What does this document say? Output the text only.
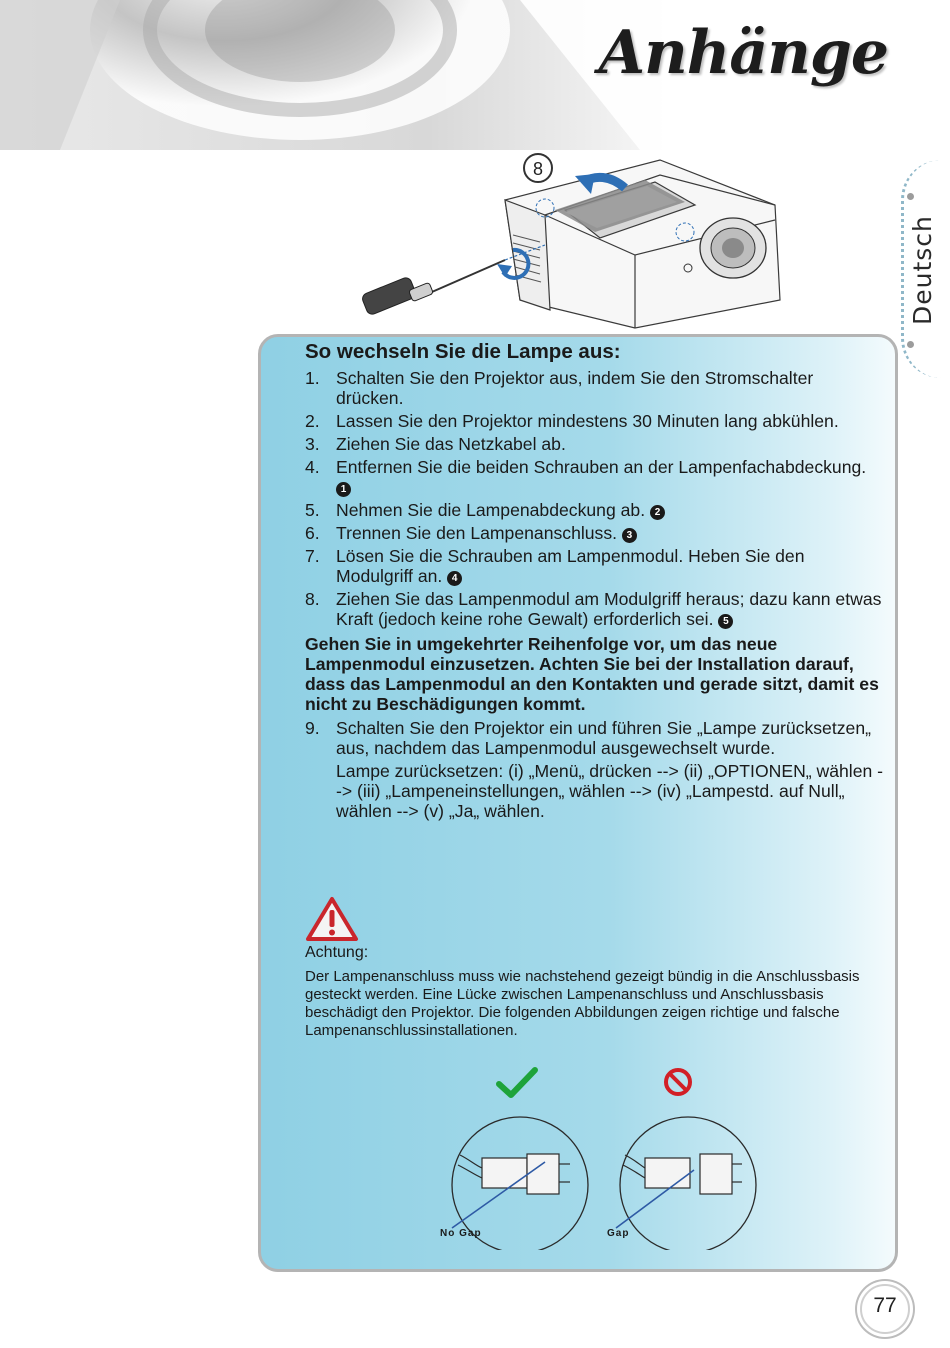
Anhänge
Deutsch
8
So wechseln Sie die Lampe aus:
1. Schalten Sie den Projektor aus, indem Sie den Stromschalter drücken.
2. Lassen Sie den Projektor mindestens 30 Minuten lang abkühlen.
3. Ziehen Sie das Netzkabel ab.
4. Entfernen Sie die beiden Schrauben an der Lampenfachabdeckung. 1
5. Nehmen Sie die Lampenabdeckung ab. 2
6. Trennen Sie den Lampenanschluss. 3
7. Lösen Sie die Schrauben am Lampenmodul. Heben Sie den Modulgriff an. 4
8. Ziehen Sie das Lampenmodul am Modulgriff heraus; dazu kann etwas Kraft (jedoch keine rohe Gewalt) erforderlich sei. 5
Gehen Sie in umgekehrter Reihenfolge vor, um das neue Lampenmodul einzusetzen. Achten Sie bei der Installation darauf, dass das Lampenmodul an den Kontakten und gerade sitzt, damit es nicht zu Beschädigungen kommt.
9. Schalten Sie den Projektor ein und führen Sie „Lampe zurücksetzen„ aus, nachdem das Lampenmodul ausgewechselt wurde.
Lampe zurücksetzen: (i) „Menü„ drücken --> (ii) „OPTIONEN„ wählen --> (iii) „Lampeneinstellungen„ wählen --> (iv) „Lampestd. auf Null„ wählen --> (v) „Ja„ wählen.
Achtung:
Der Lampenanschluss muss wie nachstehend gezeigt bündig in die Anschlussbasis gesteckt werden. Eine Lücke zwischen Lampenanschluss und Anschlussbasis beschädigt den Projektor. Die folgenden Abbildungen zeigen richtige und falsche Lampenanschlussinstallationen.
No Gap	Gap
77
